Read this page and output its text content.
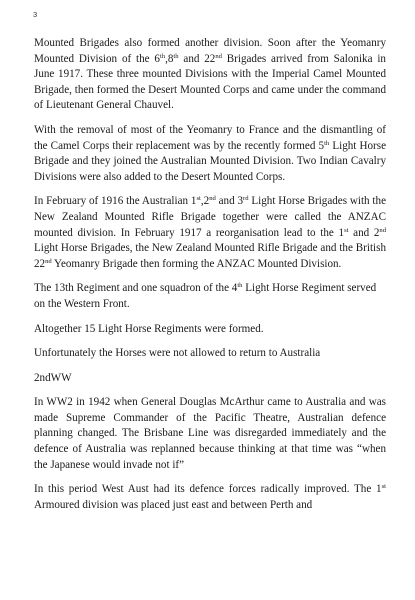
3

Mounted Brigades also formed another division. Soon after the Yeomanry Mounted Division of the 6th,8th and 22nd Brigades arrived from Salonika in June 1917. These three mounted Divisions with the Imperial Camel Mounted Brigade, then formed the Desert Mounted Corps and came under the command of Lieutenant General Chauvel.

With the removal of most of the Yeomanry to France and the dismantling of the Camel Corps their replacement was by the recently formed 5th Light Horse Brigade and they joined the Australian Mounted Division. Two Indian Cavalry Divisions were also added to the Desert Mounted Corps.

In February of 1916 the Australian 1st,2nd and 3rd Light Horse Brigades with the New Zealand Mounted Rifle Brigade together were called the ANZAC mounted division. In February 1917 a reorganisation lead to the 1st and 2nd Light Horse Brigades, the New Zealand Mounted Rifle Brigade and the British 22nd Yeomanry Brigade then forming the ANZAC Mounted Division.

The 13th Regiment and one squadron of the 4th Light Horse Regiment served on the Western Front.

Altogether 15 Light Horse Regiments were formed.

Unfortunately the Horses were not allowed to return to Australia

2ndWW

In WW2 in 1942 when General Douglas McArthur came to Australia and was made Supreme Commander of the Pacific Theatre, Australian defence planning changed. The Brisbane Line was disregarded immediately and the defence of Australia was replanned because thinking at that time was “when the Japanese would invade not if”

In this period West Aust had its defence forces radically improved. The 1st Armoured division was placed just east and between Perth and
